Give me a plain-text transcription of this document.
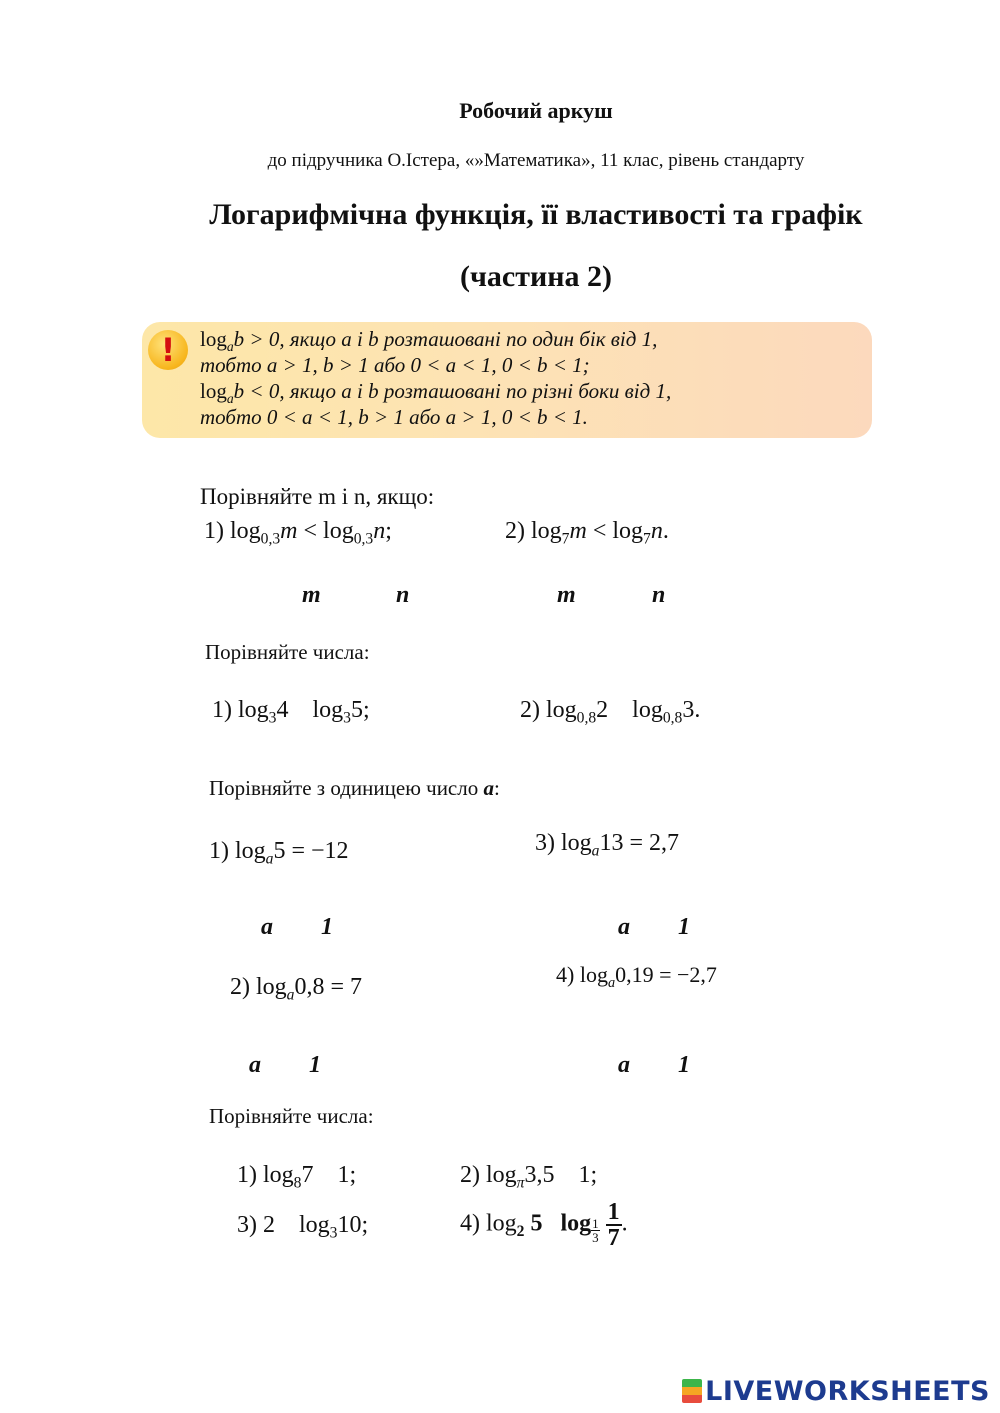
Робочий аркуш
до підручника О.Істера, «»Математика», 11 клас, рівень стандарту
Логарифмічна функція, її властивості та графік
(частина 2)
!	$\log_ab > 0$, якщо a і b розташовані по один бік від 1,
тобто a > 1, b > 1 або 0 < a < 1, 0 < b < 1;
$\log_ab < 0$, якщо a і b розташовані по різні боки від 1,
тобто 0 < a < 1, b > 1 або a > 1, 0 < b < 1.
Порівняйте m і n, якщо:
1) $\log_{0,3}m < \log_{0,3}n$;	2) $\log_7m < \log_7n$.
m	n	m	n
Порівняйте числа:
1) $\log_34$    $\log_35$;	2) $\log_{0,8}2$    $\log_{0,8}3$.
Порівняйте з одиницею число a:
1) $\log_a5 = -12$	3) $\log_a13 = 2,7$
a 1	a 1
2) $\log_a0,8 = 7$	4) $\log_a0,19 = -2,7$
a 1	a 1
Порівняйте числа:
1) $\log_87$    1;	2) $\log_\pi 3,5$    1;
3) 2    $\log_310$;	4) $\log_2 5$ $\log \frac{1}{3}$
$\frac{1}{7}$ .
LIVEWORKSHEETS
